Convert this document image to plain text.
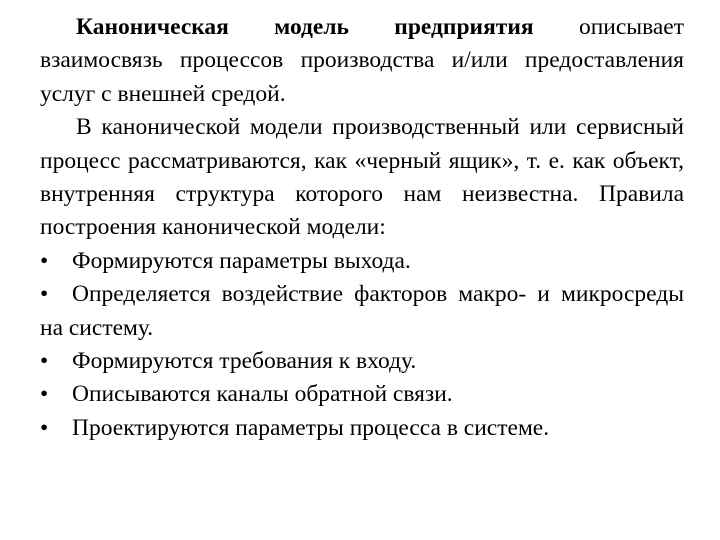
Каноническая модель предприятия описывает взаимосвязь процессов производства и/или предоставления услуг с внешней средой.

В канонической модели производственный или сервисный процесс рассматриваются, как «черный ящик», т. е. как объект, внутренняя структура которого нам неизвестна. Правила построения канонической модели:

• Формируются параметры выхода.

• Определяется воздействие факторов макро- и микросреды на систему.

• Формируются требования к входу.

• Описываются каналы обратной связи.

• Проектируются параметры процесса в системе.
